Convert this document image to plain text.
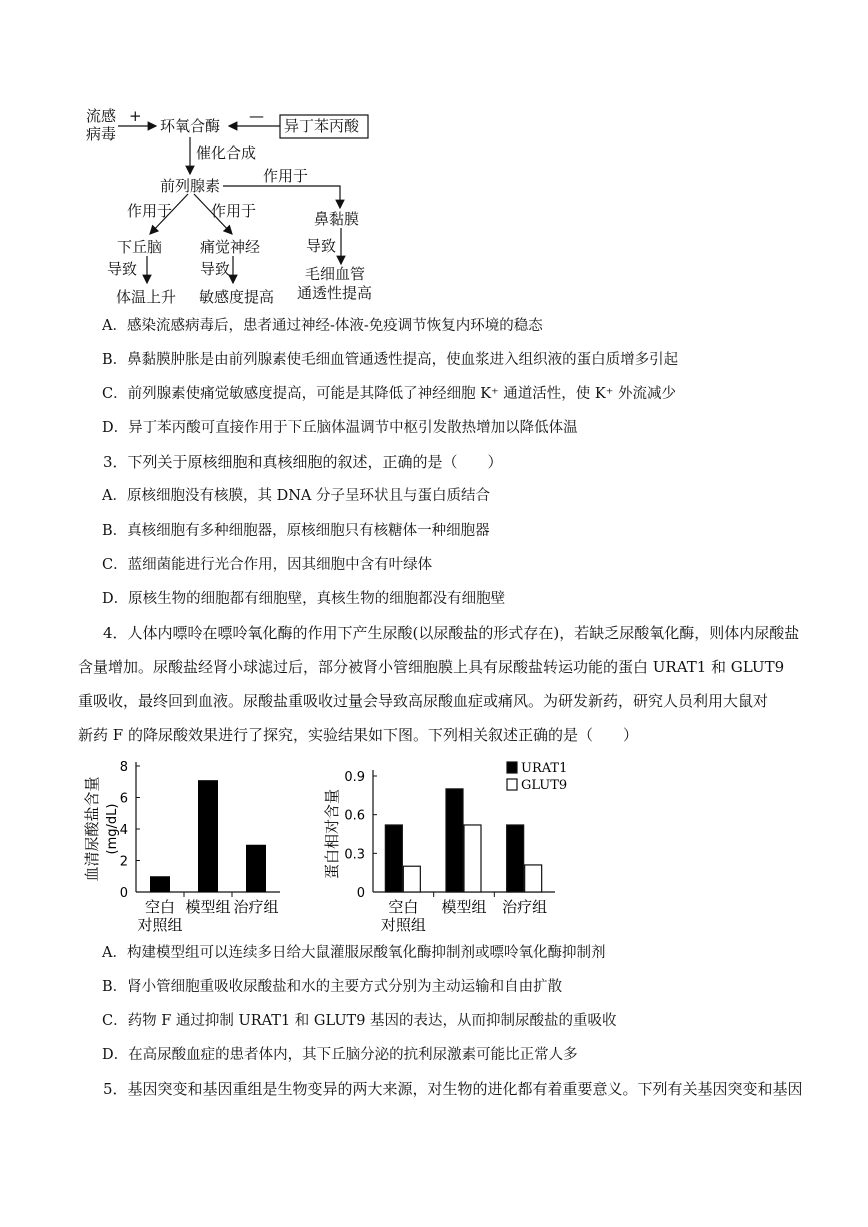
流感
病毒
+
环氧合酶
—
异丁苯丙酸
催化合成
前列腺素
作用于
作用于	作用于	鼻黏膜
下丘脑	痛觉神经	导致
导致	导致	毛细血管
通透性提高
体温上升 敏感度提高
A．感染流感病毒后，患者通过神经-体液-免疫调节恢复内环境的稳态
B．鼻黏膜肿胀是由前列腺素使毛细血管通透性提高，使血浆进入组织液的蛋白质增多引起
C．前列腺素使痛觉敏感度提高，可能是其降低了神经细胞 K⁺ 通道活性，使 K⁺ 外流减少
D．异丁苯丙酸可直接作用于下丘脑体温调节中枢引发散热增加以降低体温
3．下列关于原核细胞和真核细胞的叙述，正确的是（　　）
A．原核细胞没有核膜，其 DNA 分子呈环状且与蛋白质结合
B．真核细胞有多种细胞器，原核细胞只有核糖体一种细胞器
C．蓝细菌能进行光合作用，因其细胞中含有叶绿体
D．原核生物的细胞都有细胞壁，真核生物的细胞都没有细胞壁
4．人体内嘌呤在嘌呤氧化酶的作用下产生尿酸(以尿酸盐的形式存在)，若缺乏尿酸氧化酶，则体内尿酸盐
含量增加。尿酸盐经肾小球滤过后，部分被肾小管细胞膜上具有尿酸盐转运功能的蛋白 URAT1 和 GLUT9
重吸收，最终回到血液。尿酸盐重吸收过量会导致高尿酸血症或痛风。为研发新药，研究人员利用大鼠对
新药 F 的降尿酸效果进行了探究，实验结果如下图。下列相关叙述正确的是（　　）
0
2
4
6
8
空白
对照组
模型组 治疗组
血清尿酸盐含量 (mg/dL)
0
0.3
0.6
0.9
空白
对照组
模型组 治疗组
URAT1
GLUT9
蛋白相对含量
A．构建模型组可以连续多日给大鼠灌服尿酸氧化酶抑制剂或嘌呤氧化酶抑制剂
B．肾小管细胞重吸收尿酸盐和水的主要方式分别为主动运输和自由扩散
C．药物 F 通过抑制 URAT1 和 GLUT9 基因的表达，从而抑制尿酸盐的重吸收
D．在高尿酸血症的患者体内，其下丘脑分泌的抗利尿激素可能比正常人多
5．基因突变和基因重组是生物变异的两大来源，对生物的进化都有着重要意义。下列有关基因突变和基因
